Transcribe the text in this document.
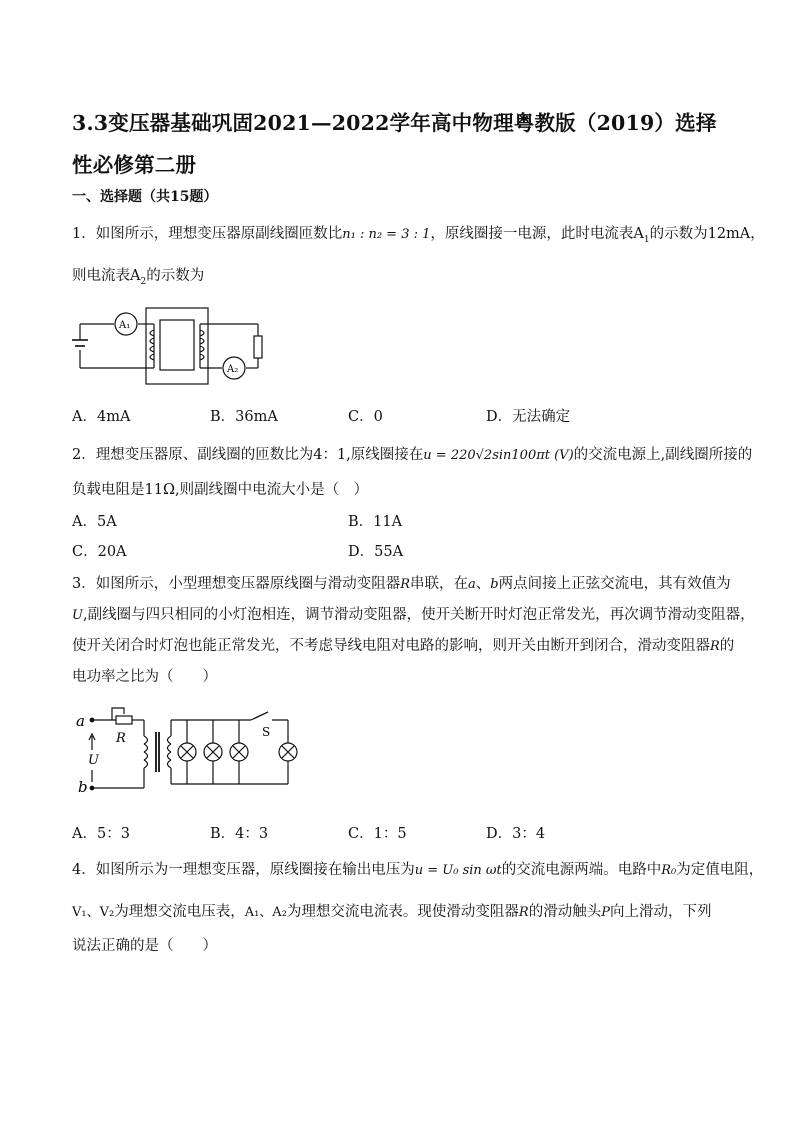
3.3变压器基础巩固2021—2022学年高中物理粤教版（2019）选择性必修第二册
一、选择题（共15题）
1．如图所示，理想变压器原副线圈匝数比n₁ : n₂ = 3 : 1，原线圈接一电源，此时电流表$A_1$的示数为12mA，
则电流表$A_2$的示数为
A₁
A₂
A．4mA	B．36mA	C．0	D．无法确定
2．理想变压器原、副线圈的匝数比为4：1,原线圈接在u = 220√2sin100πt (V)的交流电源上,副线圈所接的
负载电阻是11Ω,则副线圈中电流大小是（　）
A．5A	B．11A
C．20A	D．55A
3．如图所示，小型理想变压器原线圈与滑动变阻器R串联，在a、b两点间接上正弦交流电，其有效值为
U,副线圈与四只相同的小灯泡相连，调节滑动变阻器，使开关断开时灯泡正常发光，再次调节滑动变阻器，
使开关闭合时灯泡也能正常发光，不考虑导线电阻对电路的影响，则开关由断开到闭合，滑动变阻器R的
电功率之比为（　　）
a
b
R
U
S
A．5：3	B．4：3	C．1：5	D．3：4
4．如图所示为一理想变压器，原线圈接在输出电压为u = U₀ sin ωt的交流电源两端。电路中R₀为定值电阻，
V₁、V₂为理想交流电压表，A₁、A₂为理想交流电流表。现使滑动变阻器R的滑动触头P向上滑动，下列
说法正确的是（　　）
